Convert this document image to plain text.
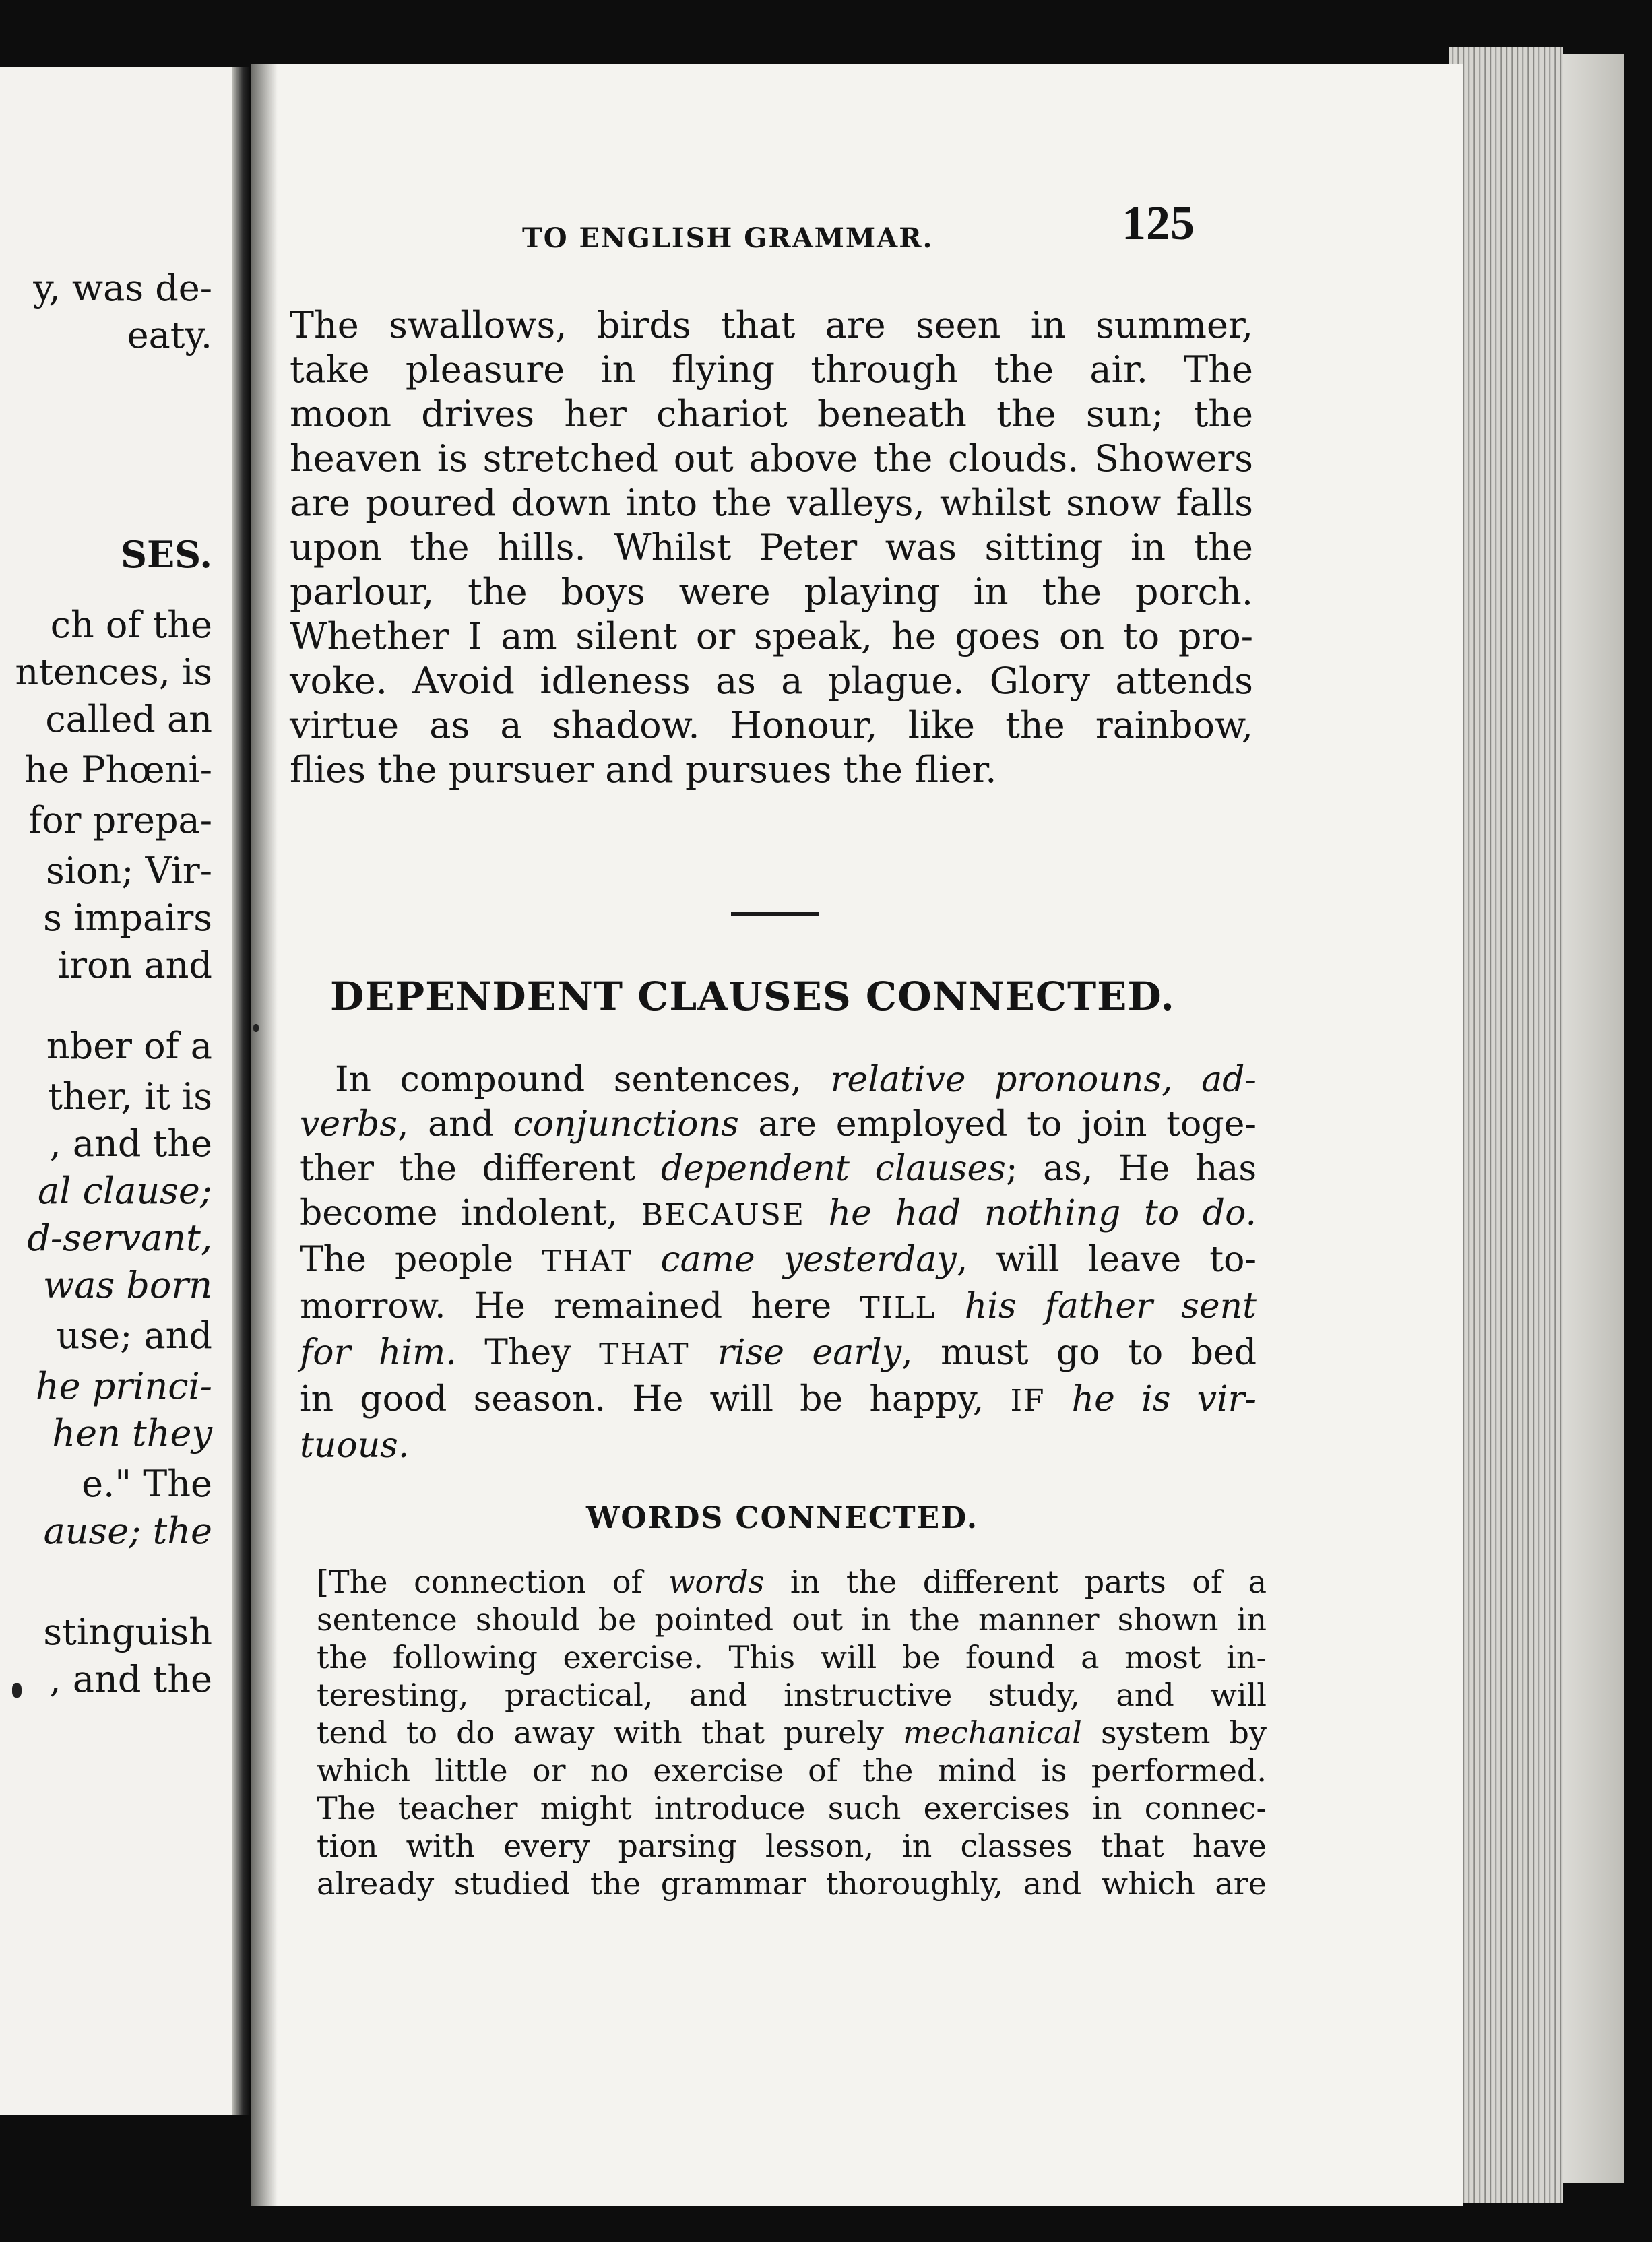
y, was de-
eaty.
SES.
ch of the
ntences, is
called an
he Phœni-
for prepa-
sion; Vir-
s impairs
iron and
nber of a
ther, it is
, and the
al clause;
d-servant,
was born
use; and
he princi-
hen they
e." The
ause; the
stinguish
, and the
TO ENGLISH GRAMMAR.	125
The swallows, birds that are seen in summer,
take pleasure in flying through the air. The
moon drives her chariot beneath the sun; the
heaven is stretched out above the clouds. Showers
are poured down into the valleys, whilst snow falls
upon the hills. Whilst Peter was sitting in the
parlour, the boys were playing in the porch.
Whether I am silent or speak, he goes on to pro-
voke. Avoid idleness as a plague. Glory attends
virtue as a shadow. Honour, like the rainbow,
flies the pursuer and pursues the flier.
DEPENDENT CLAUSES CONNECTED.
 In compound sentences, relative pronouns, ad-
verbs, and conjunctions are employed to join toge-
ther the different dependent clauses; as, He has
become indolent, BECAUSE he had nothing to do.
The people THAT came yesterday, will leave to-
morrow. He remained here TILL his father sent
for him. They THAT rise early, must go to bed
in good season. He will be happy, IF he is vir-
tuous.
WORDS CONNECTED.
[The connection of words in the different parts of a
sentence should be pointed out in the manner shown in
the following exercise. This will be found a most in-
teresting, practical, and instructive study, and will
tend to do away with that purely mechanical system by
which little or no exercise of the mind is performed.
The teacher might introduce such exercises in connec-
tion with every parsing lesson, in classes that have
already studied the grammar thoroughly, and which are
